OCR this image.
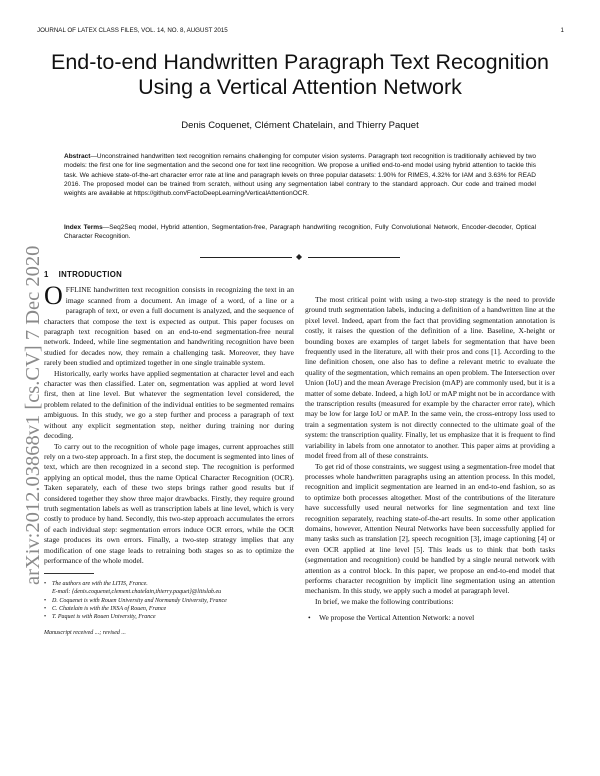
JOURNAL OF LATEX CLASS FILES, VOL. 14, NO. 8, AUGUST 2015	1
End-to-end Handwritten Paragraph Text Recognition Using a Vertical Attention Network
Denis Coquenet, Clément Chatelain, and Thierry Paquet
Abstract—Unconstrained handwritten text recognition remains challenging for computer vision systems. Paragraph text recognition is traditionally achieved by two models: the first one for line segmentation and the second one for text line recognition. We propose a unified end-to-end model using hybrid attention to tackle this task. We achieve state-of-the-art character error rate at line and paragraph levels on three popular datasets: 1.90% for RIMES, 4.32% for IAM and 3.63% for READ 2016. The proposed model can be trained from scratch, without using any segmentation label contrary to the standard approach. Our code and trained model weights are available at https://github.com/FactoDeepLearning/VerticalAttentionOCR.
Index Terms—Seq2Seq model, Hybrid attention, Segmentation-free, Paragraph handwriting recognition, Fully Convolutional Network, Encoder-decoder, Optical Character Recognition.
arXiv:2012.03868v1 [cs.CV] 7 Dec 2020 1 INTRODUCTION

OFFLINE handwritten text recognition consists in recognizing the text in an image scanned from a document. An image of a word, of a line or a paragraph of text, or even a full document is analyzed, and the sequence of characters that compose the text is expected as output. This paper focuses on paragraph text recognition based on an end-to-end segmentation-free neural network. Indeed, while line segmentation and handwriting recognition have been studied for decades now, they remain a challenging task. Moreover, they have rarely been studied and optimized together in one single trainable system.

Historically, early works have applied segmentation at character level and each character was then classified. Later on, segmentation was applied at word level first, then at line level. But whatever the segmentation level considered, the problem related to the definition of the individual entities to be segmented remains ambiguous. In this study, we go a step further and process a paragraph of text without any explicit segmentation step, neither during training nor during decoding.

To carry out to the recognition of whole page images, current approaches still rely on a two-step approach. In a first step, the document is segmented into lines of text, which are then recognized in a second step. The recognition is performed applying an optical model, thus the name Optical Character Recognition (OCR). Taken separately, each of these two steps brings rather good results but if considered together they show three major drawbacks. Firstly, they require ground truth segmentation labels as well as transcription labels at line level, which is very costly to produce by hand. Secondly, this two-step approach accumulates the errors of each individual step: segmentation errors induce OCR errors, while the OCR stage produces its own errors. Finally, a two-step strategy implies that any modification of one stage leads to retraining both stages so as to optimize the performance of the whole model.

• The authors are with the LITIS, France.
E-mail: {denis.coquenet,clement.chatelain,thierry.paquet}@litislab.eu
• D. Coquenet is with Rouen University and Normandy University, France
• C. Chatelain is with the INSA of Rouen, France
• T. Paquet is with Rouen University, France
Manuscript received ...; revised ...

The most critical point with using a two-step strategy is the need to provide ground truth segmentation labels, inducing a definition of a handwritten line at the pixel level. Indeed, apart from the fact that providing segmentation annotation is costly, it raises the question of the definition of a line. Baseline, X-height or bounding boxes are examples of target labels for segmentation that have been frequently used in the literature, all with their pros and cons [1]. According to the line definition chosen, one also has to define a relevant metric to evaluate the quality of the segmentation, which remains an open problem. The Intersection over Union (IoU) and the mean Average Precision (mAP) are commonly used, but it is a matter of some debate. Indeed, a high IoU or mAP might not be in accordance with the transcription results (measured for example by the character error rate), which may be low for large IoU or mAP. In the same vein, the cross-entropy loss used to train a segmentation system is not directly connected to the ultimate goal of the system: the transcription quality. Finally, let us emphasize that it is frequent to find variability in labels from one annotator to another. This paper aims at providing a model freed from all of these constraints.

To get rid of those constraints, we suggest using a segmentation-free model that processes whole handwritten paragraphs using an attention process. In this model, recognition and implicit segmentation are learned in an end-to-end fashion, so as to optimize both processes altogether. Most of the contributions of the literature have successfully used neural networks for line segmentation and text line recognition separately, reaching state-of-the-art results. In some other application domains, however, Attention Neural Networks have been successfully applied for many tasks such as translation [2], speech recognition [3], image captioning [4] or even OCR applied at line level [5]. This leads us to think that both tasks (segmentation and recognition) could be handled by a single neural network with attention as a control block. In this paper, we propose an end-to-end model that performs character recognition by implicit line segmentation using an attention mechanism. In this study, we apply such a model at paragraph level.

In brief, we make the following contributions:

• We propose the Vertical Attention Network: a novel
